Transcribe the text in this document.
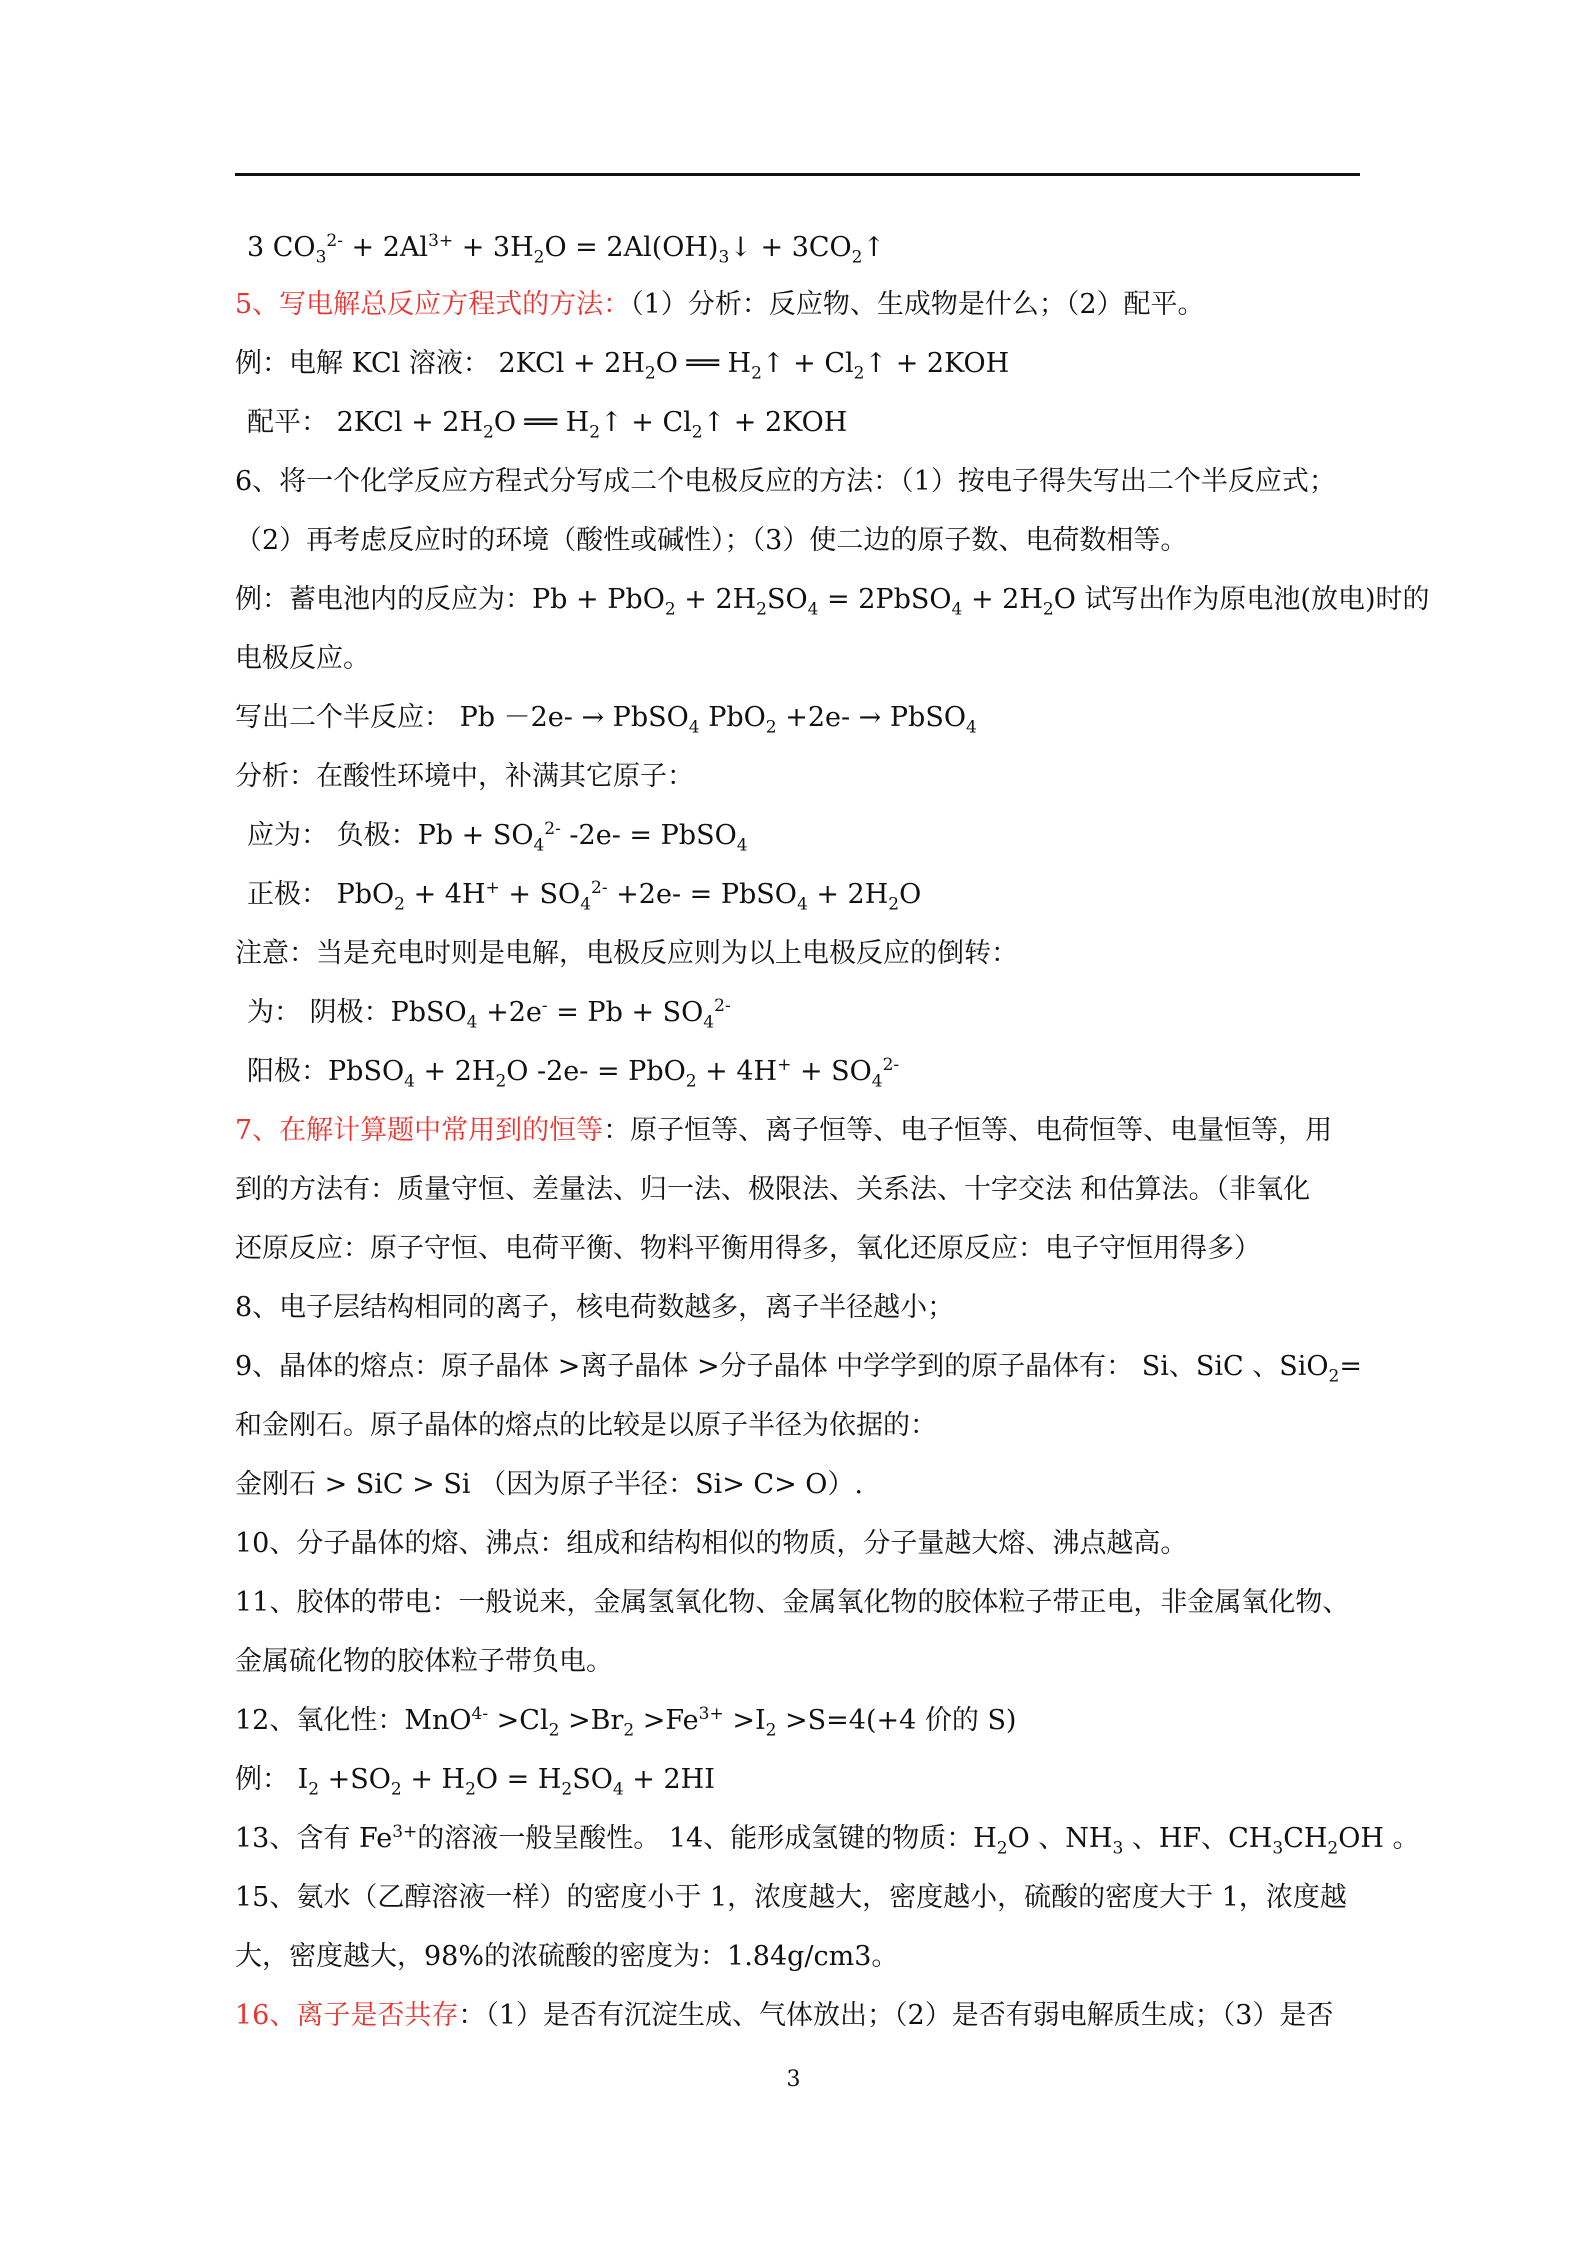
3 $CO_3^{2-} + 2Al^{3+} + 3H_2O$ = $2Al(OH)_3↓$ + $3CO_2↑$
5、写电解总反应方程式的方法：（1）分析：反应物、生成物是什么；（2）配平。
例：电解 KCl 溶液： $2KCl + 2H_2O$ ══ $H_2↑$ + $Cl_2↑ + 2KOH$
配平： $2KCl + 2H_2O$ ══ $H_2↑$ + $Cl_2↑ + 2KOH$
6、将一个化学反应方程式分写成二个电极反应的方法：（1）按电子得失写出二个半反应式；
（2）再考虑反应时的环境（酸性或碱性）；（3）使二边的原子数、电荷数相等。
例：蓄电池内的反应为：$Pb + PbO_2 + 2H_2SO_4$ = 2PbSO$_4$ + $2H_2O$ 试写出作为原电池(放电)时的
电极反应。
写出二个半反应： Pb －2e- → PbSO$_4$ PbO$_2$ +2e- → PbSO$_4$
分析：在酸性环境中，补满其它原子：
应为： 负极：$Pb + SO_4^{2-}$ -2e- = PbSO$_4$
正极： $PbO_2 + 4H^+ + SO_4^{2-} +2e-$ = PbSO$_4$ + $2H_2O$
注意：当是充电时则是电解，电极反应则为以上电极反应的倒转：
为： 阴极：PbSO$_4$ $+2e^- = Pb + SO_4^{2-}$
阳极：PbSO$_4$ + $2H_2O$ $-2e- = PbO_2 + 4H^+ + SO_4^{2-}$
7、在解计算题中常用到的恒等：原子恒等、离子恒等、电子恒等、电荷恒等、电量恒等，用
到的方法有：质量守恒、差量法、归一法、极限法、关系法、十字交法 和估算法。（非氧化
还原反应：原子守恒、电荷平衡、物料平衡用得多，氧化还原反应：电子守恒用得多）
8、电子层结构相同的离子，核电荷数越多，离子半径越小；
9、晶体的熔点：原子晶体 >离子晶体 >分子晶体 中学学到的原子晶体有： Si、SiC 、SiO$_2$=
和金刚石。原子晶体的熔点的比较是以原子半径为依据的：
金刚石 > SiC > Si （因为原子半径：Si> C> O）.
10、分子晶体的熔、沸点：组成和结构相似的物质，分子量越大熔、沸点越高。
11、胶体的带电：一般说来，金属氢氧化物、金属氧化物的胶体粒子带正电，非金属氧化物、
金属硫化物的胶体粒子带负电。
12、氧化性：$MnO^{4-} >Cl_2 >Br_2 >Fe^{3+} >I_2 >S=4(+4$ 价的 S)
例： $I_2 +SO_2 + H_2O = H_2SO_4 + 2HI$
13、含有 $Fe^{3+}$的溶液一般呈酸性。 14、能形成氢键的物质：$H_2O$ 、$NH_3$ 、HF、$CH_3CH_2OH$ 。
15、氨水（乙醇溶液一样）的密度小于 1，浓度越大，密度越小，硫酸的密度大于 1，浓度越
大，密度越大，98%的浓硫酸的密度为：1.84g/cm3。
16、离子是否共存：（1）是否有沉淀生成、气体放出；（2）是否有弱电解质生成；（3）是否
3
